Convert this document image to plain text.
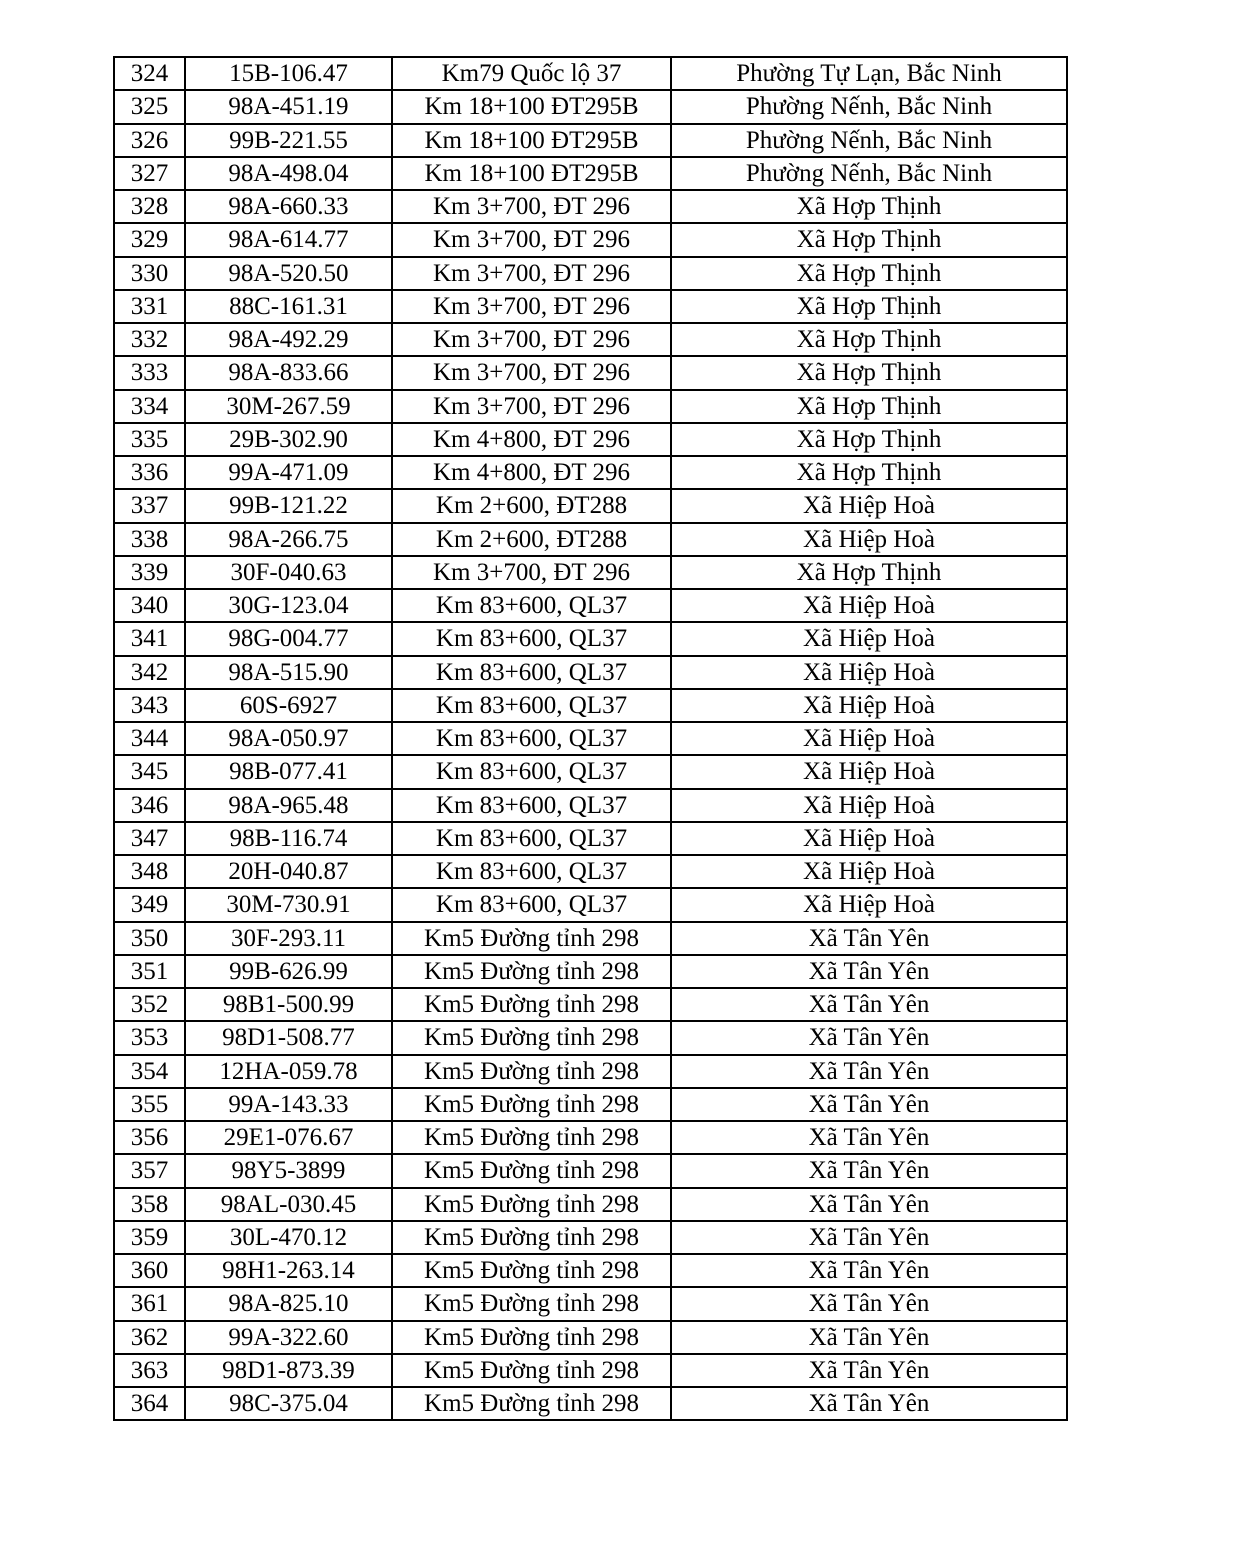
324	15B-106.47	Km79 Quốc lộ 37	Phường Tự Lạn, Bắc Ninh
325	98A-451.19	Km 18+100 ĐT295B	Phường Nếnh, Bắc Ninh
326	99B-221.55	Km 18+100 ĐT295B	Phường Nếnh, Bắc Ninh
327	98A-498.04	Km 18+100 ĐT295B	Phường Nếnh, Bắc Ninh
328	98A-660.33	Km 3+700, ĐT 296	Xã Hợp Thịnh
329	98A-614.77	Km 3+700, ĐT 296	Xã Hợp Thịnh
330	98A-520.50	Km 3+700, ĐT 296	Xã Hợp Thịnh
331	88C-161.31	Km 3+700, ĐT 296	Xã Hợp Thịnh
332	98A-492.29	Km 3+700, ĐT 296	Xã Hợp Thịnh
333	98A-833.66	Km 3+700, ĐT 296	Xã Hợp Thịnh
334	30M-267.59	Km 3+700, ĐT 296	Xã Hợp Thịnh
335	29B-302.90	Km 4+800, ĐT 296	Xã Hợp Thịnh
336	99A-471.09	Km 4+800, ĐT 296	Xã Hợp Thịnh
337	99B-121.22	Km 2+600, ĐT288	Xã Hiệp Hoà
338	98A-266.75	Km 2+600, ĐT288	Xã Hiệp Hoà
339	30F-040.63	Km 3+700, ĐT 296	Xã Hợp Thịnh
340	30G-123.04	Km 83+600, QL37	Xã Hiệp Hoà
341	98G-004.77	Km 83+600, QL37	Xã Hiệp Hoà
342	98A-515.90	Km 83+600, QL37	Xã Hiệp Hoà
343	60S-6927	Km 83+600, QL37	Xã Hiệp Hoà
344	98A-050.97	Km 83+600, QL37	Xã Hiệp Hoà
345	98B-077.41	Km 83+600, QL37	Xã Hiệp Hoà
346	98A-965.48	Km 83+600, QL37	Xã Hiệp Hoà
347	98B-116.74	Km 83+600, QL37	Xã Hiệp Hoà
348	20H-040.87	Km 83+600, QL37	Xã Hiệp Hoà
349	30M-730.91	Km 83+600, QL37	Xã Hiệp Hoà
350	30F-293.11	Km5 Đường tỉnh 298	Xã Tân Yên
351	99B-626.99	Km5 Đường tỉnh 298	Xã Tân Yên
352	98B1-500.99	Km5 Đường tỉnh 298	Xã Tân Yên
353	98D1-508.77	Km5 Đường tỉnh 298	Xã Tân Yên
354	12HA-059.78	Km5 Đường tỉnh 298	Xã Tân Yên
355	99A-143.33	Km5 Đường tỉnh 298	Xã Tân Yên
356	29E1-076.67	Km5 Đường tỉnh 298	Xã Tân Yên
357	98Y5-3899	Km5 Đường tỉnh 298	Xã Tân Yên
358	98AL-030.45	Km5 Đường tỉnh 298	Xã Tân Yên
359	30L-470.12	Km5 Đường tỉnh 298	Xã Tân Yên
360	98H1-263.14	Km5 Đường tỉnh 298	Xã Tân Yên
361	98A-825.10	Km5 Đường tỉnh 298	Xã Tân Yên
362	99A-322.60	Km5 Đường tỉnh 298	Xã Tân Yên
363	98D1-873.39	Km5 Đường tỉnh 298	Xã Tân Yên
364	98C-375.04	Km5 Đường tỉnh 298	Xã Tân Yên
